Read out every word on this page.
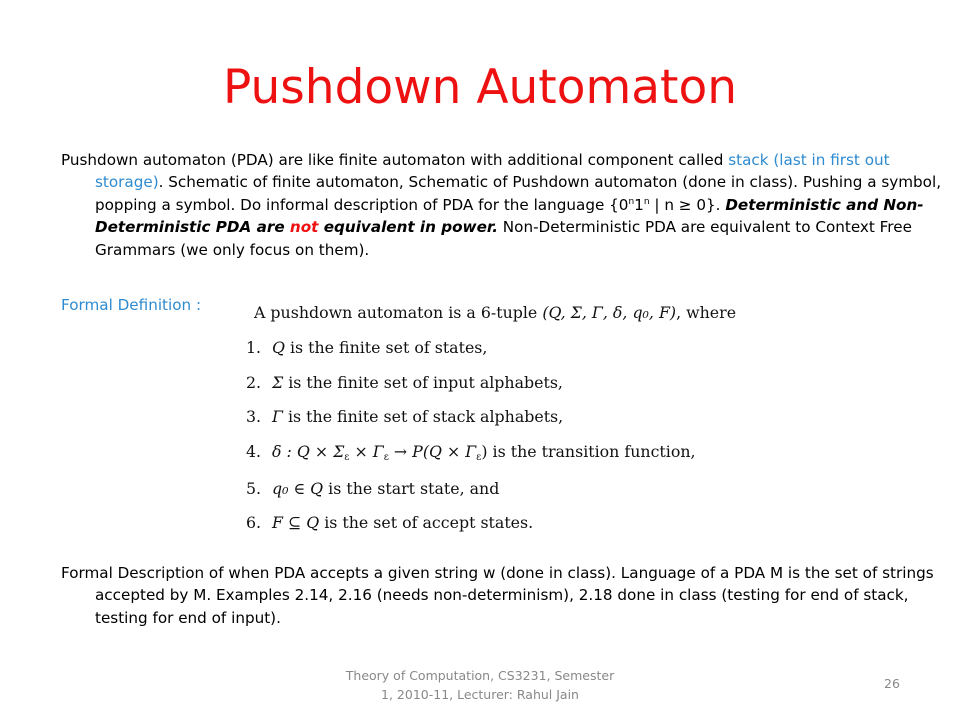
Pushdown Automaton
Pushdown automaton (PDA) are like finite automaton with additional component called stack (last in first out storage). Schematic of finite automaton, Schematic of Pushdown automaton (done in class). Pushing a symbol, popping a symbol. Do informal description of PDA for the language {0$^n$1$^n$ | n ≥ 0}. Deterministic and Non-Deterministic PDA are not equivalent in power. Non-Deterministic PDA are equivalent to Context Free Grammars (we only focus on them).
Formal Definition :	A pushdown automaton is a 6-tuple (Q, Σ, Γ, δ, q₀, F), where
1. Q is the finite set of states,
2. Σ is the finite set of input alphabets,
3. Γ is the finite set of stack alphabets,
4. δ : $Q \times \Sigma_\varepsilon \times \Gamma_\varepsilon \to P(Q \times \Gamma_\varepsilon)$ is the transition function,
5. q₀ ∈ Q is the start state, and
6. F ⊆ Q is the set of accept states.
Formal Description of when PDA accepts a given string w (done in class). Language of a PDA M is the set of strings accepted by M. Examples 2.14, 2.16 (needs non-determinism), 2.18 done in class (testing for end of stack, testing for end of input).
Theory of Computation, CS3231, Semester
1, 2010-11, Lecturer: Rahul Jain
26
